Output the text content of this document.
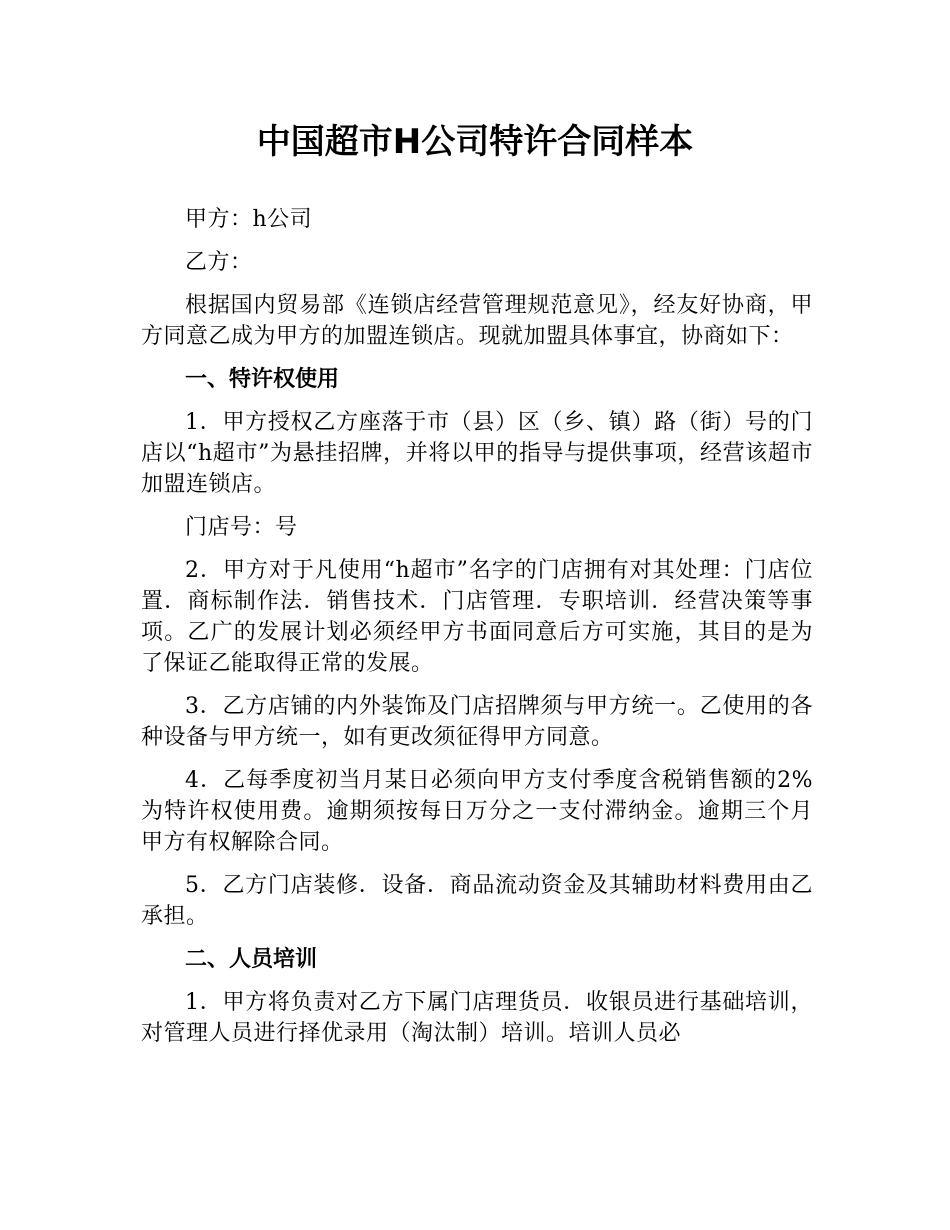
中国超市H公司特许合同样本

甲方：h公司

乙方：

根据国内贸易部《连锁店经营管理规范意见》，经友好协商，甲方同意乙成为甲方的加盟连锁店。现就加盟具体事宜，协商如下：

一、特许权使用

1．甲方授权乙方座落于市（县）区（乡、镇）路（街）号的门店以“h超市”为悬挂招牌，并将以甲的指导与提供事项，经营该超市加盟连锁店。

门店号：号

2．甲方对于凡使用“h超市”名字的门店拥有对其处理：门店位置．商标制作法．销售技术．门店管理．专职培训．经营决策等事项。乙广的发展计划必须经甲方书面同意后方可实施，其目的是为了保证乙能取得正常的发展。

3．乙方店铺的内外装饰及门店招牌须与甲方统一。乙使用的各种设备与甲方统一，如有更改须征得甲方同意。

4．乙每季度初当月某日必须向甲方支付季度含税销售额的2%为特许权使用费。逾期须按每日万分之一支付滞纳金。逾期三个月甲方有权解除合同。

5．乙方门店装修．设备．商品流动资金及其辅助材料费用由乙承担。

二、人员培训

1．甲方将负责对乙方下属门店理货员．收银员进行基础培训，对管理人员进行择优录用（淘汰制）培训。培训人员必
